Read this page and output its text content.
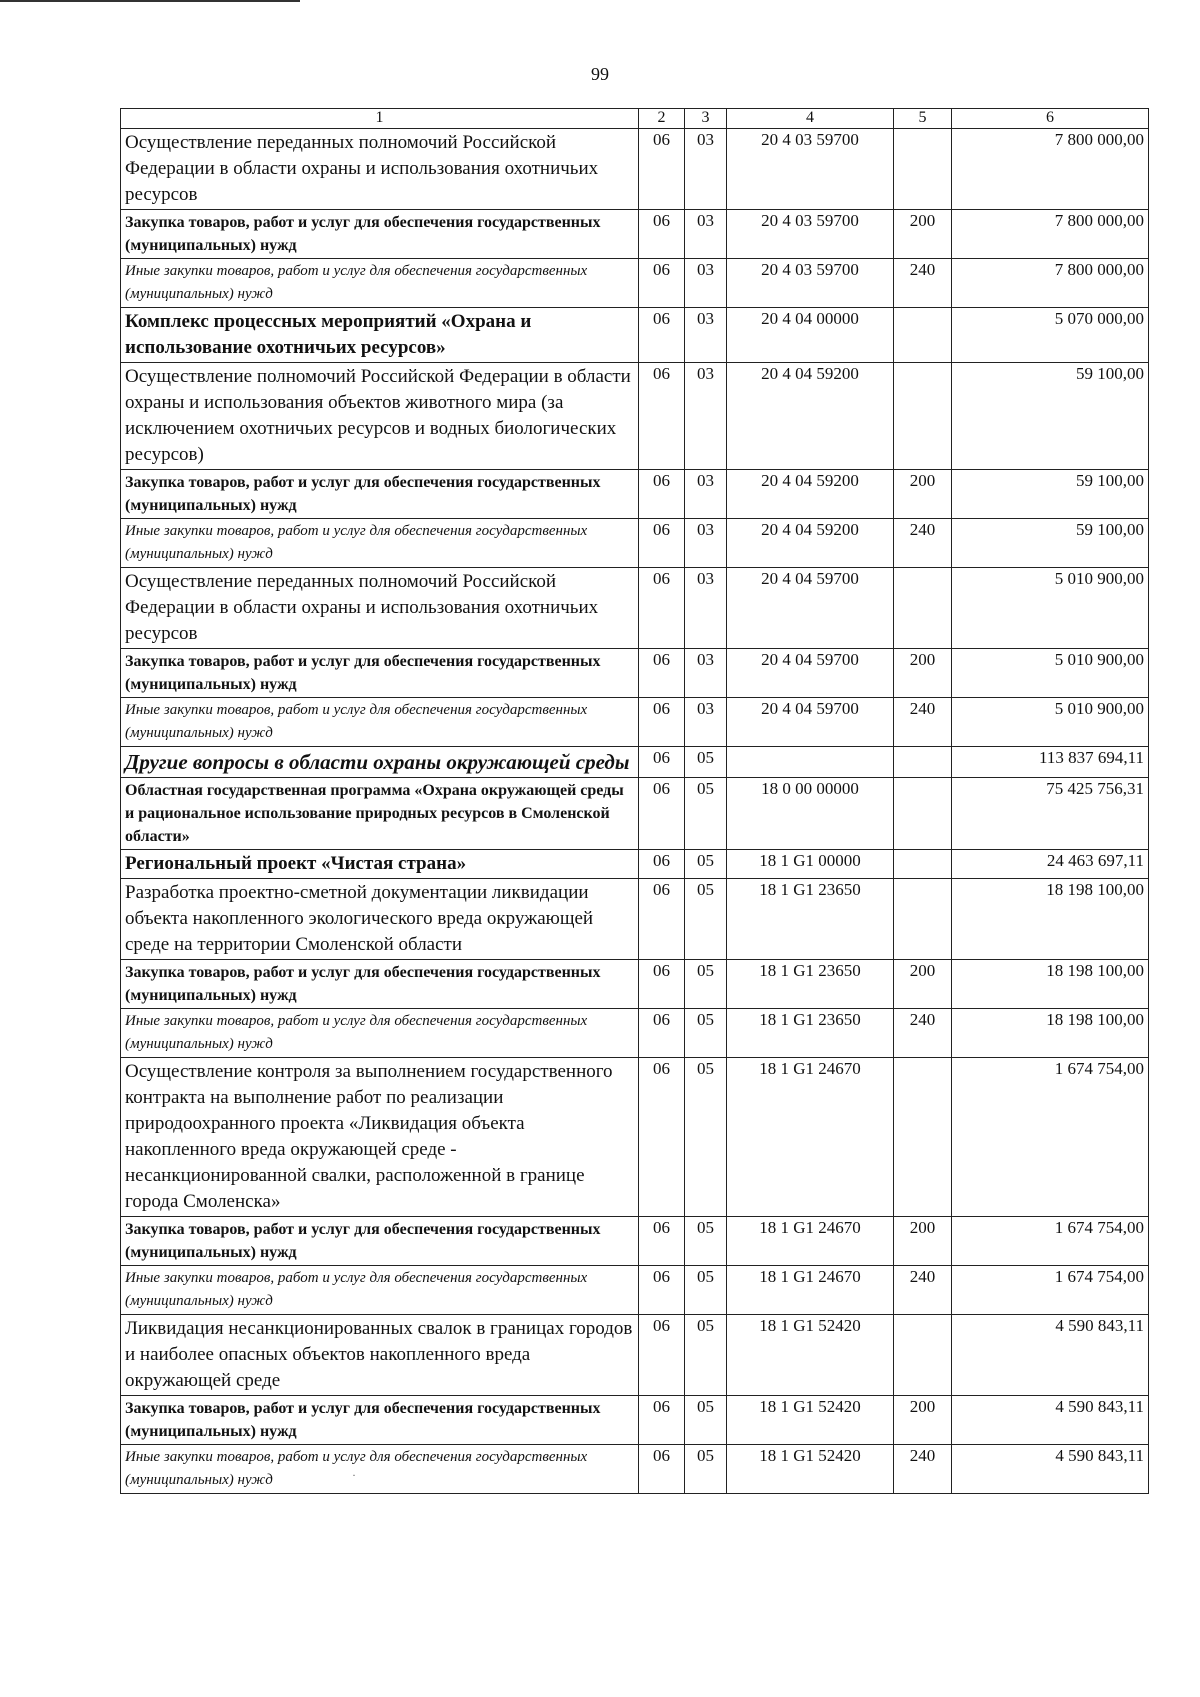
99
1	2	3	4	5	6
Осуществление переданных полномочий Российской Федерации в области охраны и использования охотничьих ресурсов	06	03	20 4 03 59700		7 800 000,00
Закупка товаров, работ и услуг для обеспечения государственных (муниципальных) нужд	06	03	20 4 03 59700	200	7 800 000,00
Иные закупки товаров, работ и услуг для обеспечения государственных (муниципальных) нужд	06	03	20 4 03 59700	240	7 800 000,00
Комплекс процессных мероприятий «Охрана и использование охотничьих ресурсов»	06	03	20 4 04 00000		5 070 000,00
Осуществление полномочий Российской Федерации в области охраны и использования объектов животного мира (за исключением охотничьих ресурсов и водных биологических ресурсов)	06	03	20 4 04 59200		59 100,00
Закупка товаров, работ и услуг для обеспечения государственных (муниципальных) нужд	06	03	20 4 04 59200	200	59 100,00
Иные закупки товаров, работ и услуг для обеспечения государственных (муниципальных) нужд	06	03	20 4 04 59200	240	59 100,00
Осуществление переданных полномочий Российской Федерации в области охраны и использования охотничьих ресурсов	06	03	20 4 04 59700		5 010 900,00
Закупка товаров, работ и услуг для обеспечения государственных (муниципальных) нужд	06	03	20 4 04 59700	200	5 010 900,00
Иные закупки товаров, работ и услуг для обеспечения государственных (муниципальных) нужд	06	03	20 4 04 59700	240	5 010 900,00
Другие вопросы в области охраны окружающей среды	06	05			113 837 694,11
Областная государственная программа «Охрана окружающей среды и рациональное использование природных ресурсов в Смоленской области»	06	05	18 0 00 00000		75 425 756,31
Региональный проект «Чистая страна»	06	05	18 1 G1 00000		24 463 697,11
Разработка проектно-сметной документации ликвидации объекта накопленного экологического вреда окружающей среде на территории Смоленской области	06	05	18 1 G1 23650		18 198 100,00
Закупка товаров, работ и услуг для обеспечения государственных (муниципальных) нужд	06	05	18 1 G1 23650	200	18 198 100,00
Иные закупки товаров, работ и услуг для обеспечения государственных (муниципальных) нужд	06	05	18 1 G1 23650	240	18 198 100,00
Осуществление контроля за выполнением государственного контракта на выполнение работ по реализации природоохранного проекта «Ликвидация объекта накопленного вреда окружающей среде - несанкционированной свалки, расположенной в границе города Смоленска»	06	05	18 1 G1 24670		1 674 754,00
Закупка товаров, работ и услуг для обеспечения государственных (муниципальных) нужд	06	05	18 1 G1 24670	200	1 674 754,00
Иные закупки товаров, работ и услуг для обеспечения государственных (муниципальных) нужд	06	05	18 1 G1 24670	240	1 674 754,00
Ликвидация несанкционированных свалок в границах городов и наиболее опасных объектов накопленного вреда окружающей среде	06	05	18 1 G1 52420		4 590 843,11
Закупка товаров, работ и услуг для обеспечения государственных (муниципальных) нужд	06	05	18 1 G1 52420	200	4 590 843,11
Иные закупки товаров, работ и услуг для обеспечения государственных (муниципальных) нужд	06	05	18 1 G1 52420	240	4 590 843,11
·
